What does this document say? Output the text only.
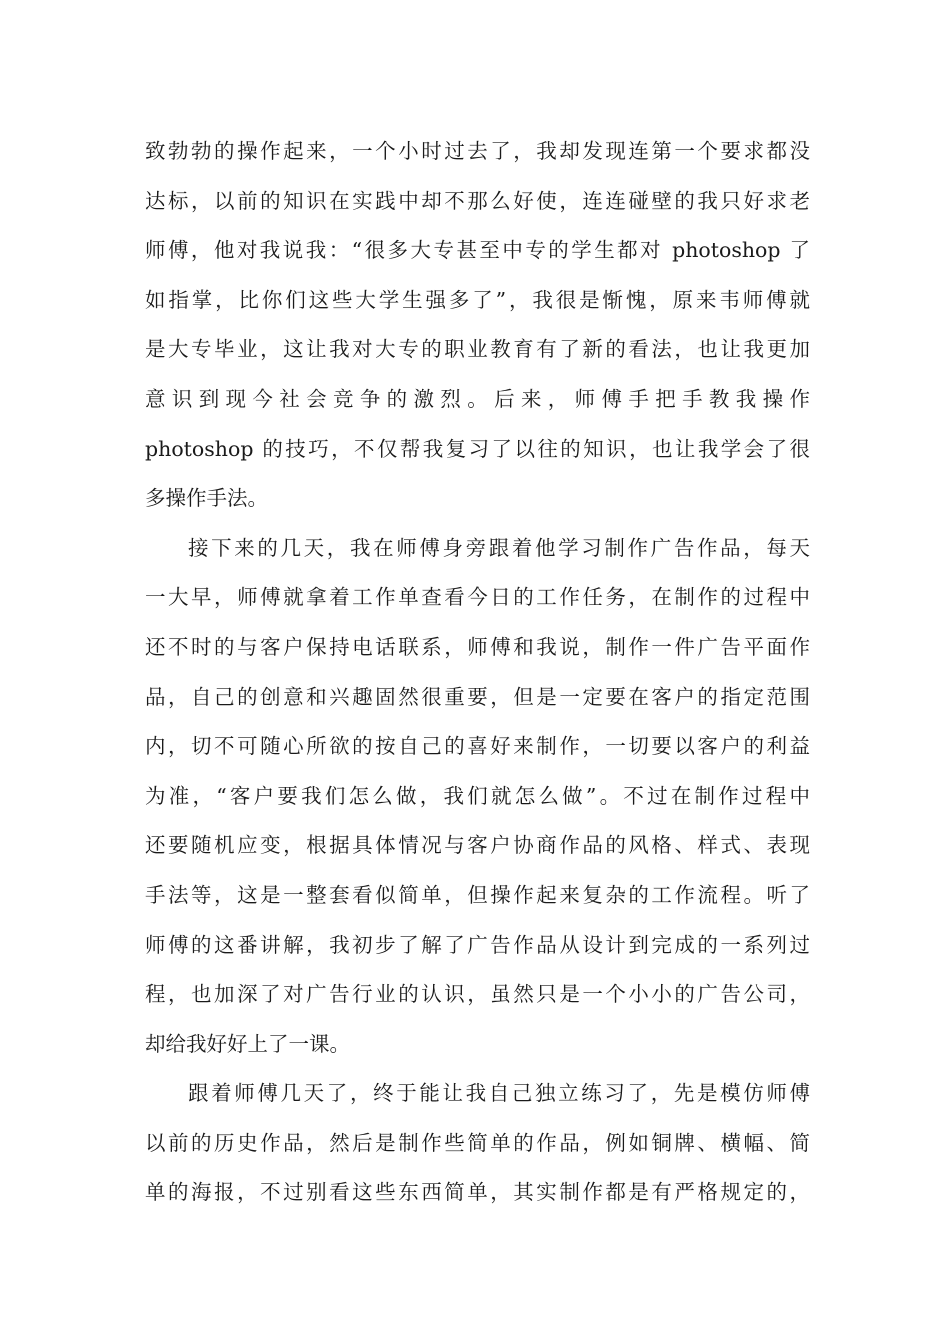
致勃勃的操作起来，一个小时过去了，我却发现连第一个要求都没
达标，以前的知识在实践中却不那么好使，连连碰壁的我只好求老
师傅，他对我说我：“很多大专甚至中专的学生都对 photoshop 了
如指掌，比你们这些大学生强多了”，我很是惭愧，原来韦师傅就
是大专毕业，这让我对大专的职业教育有了新的看法，也让我更加
意识到现今社会竞争的激烈。后来，师傅手把手教我操作
photoshop 的技巧，不仅帮我复习了以往的知识，也让我学会了很
多操作手法。
接下来的几天，我在师傅身旁跟着他学习制作广告作品，每天
一大早，师傅就拿着工作单查看今日的工作任务，在制作的过程中
还不时的与客户保持电话联系，师傅和我说，制作一件广告平面作
品，自己的创意和兴趣固然很重要，但是一定要在客户的指定范围
内，切不可随心所欲的按自己的喜好来制作，一切要以客户的利益
为准，“客户要我们怎么做，我们就怎么做”。不过在制作过程中
还要随机应变，根据具体情况与客户协商作品的风格、样式、表现
手法等，这是一整套看似简单，但操作起来复杂的工作流程。听了
师傅的这番讲解，我初步了解了广告作品从设计到完成的一系列过
程，也加深了对广告行业的认识，虽然只是一个小小的广告公司，
却给我好好上了一课。
跟着师傅几天了，终于能让我自己独立练习了，先是模仿师傅
以前的历史作品，然后是制作些简单的作品，例如铜牌、横幅、简
单的海报，不过别看这些东西简单，其实制作都是有严格规定的，
